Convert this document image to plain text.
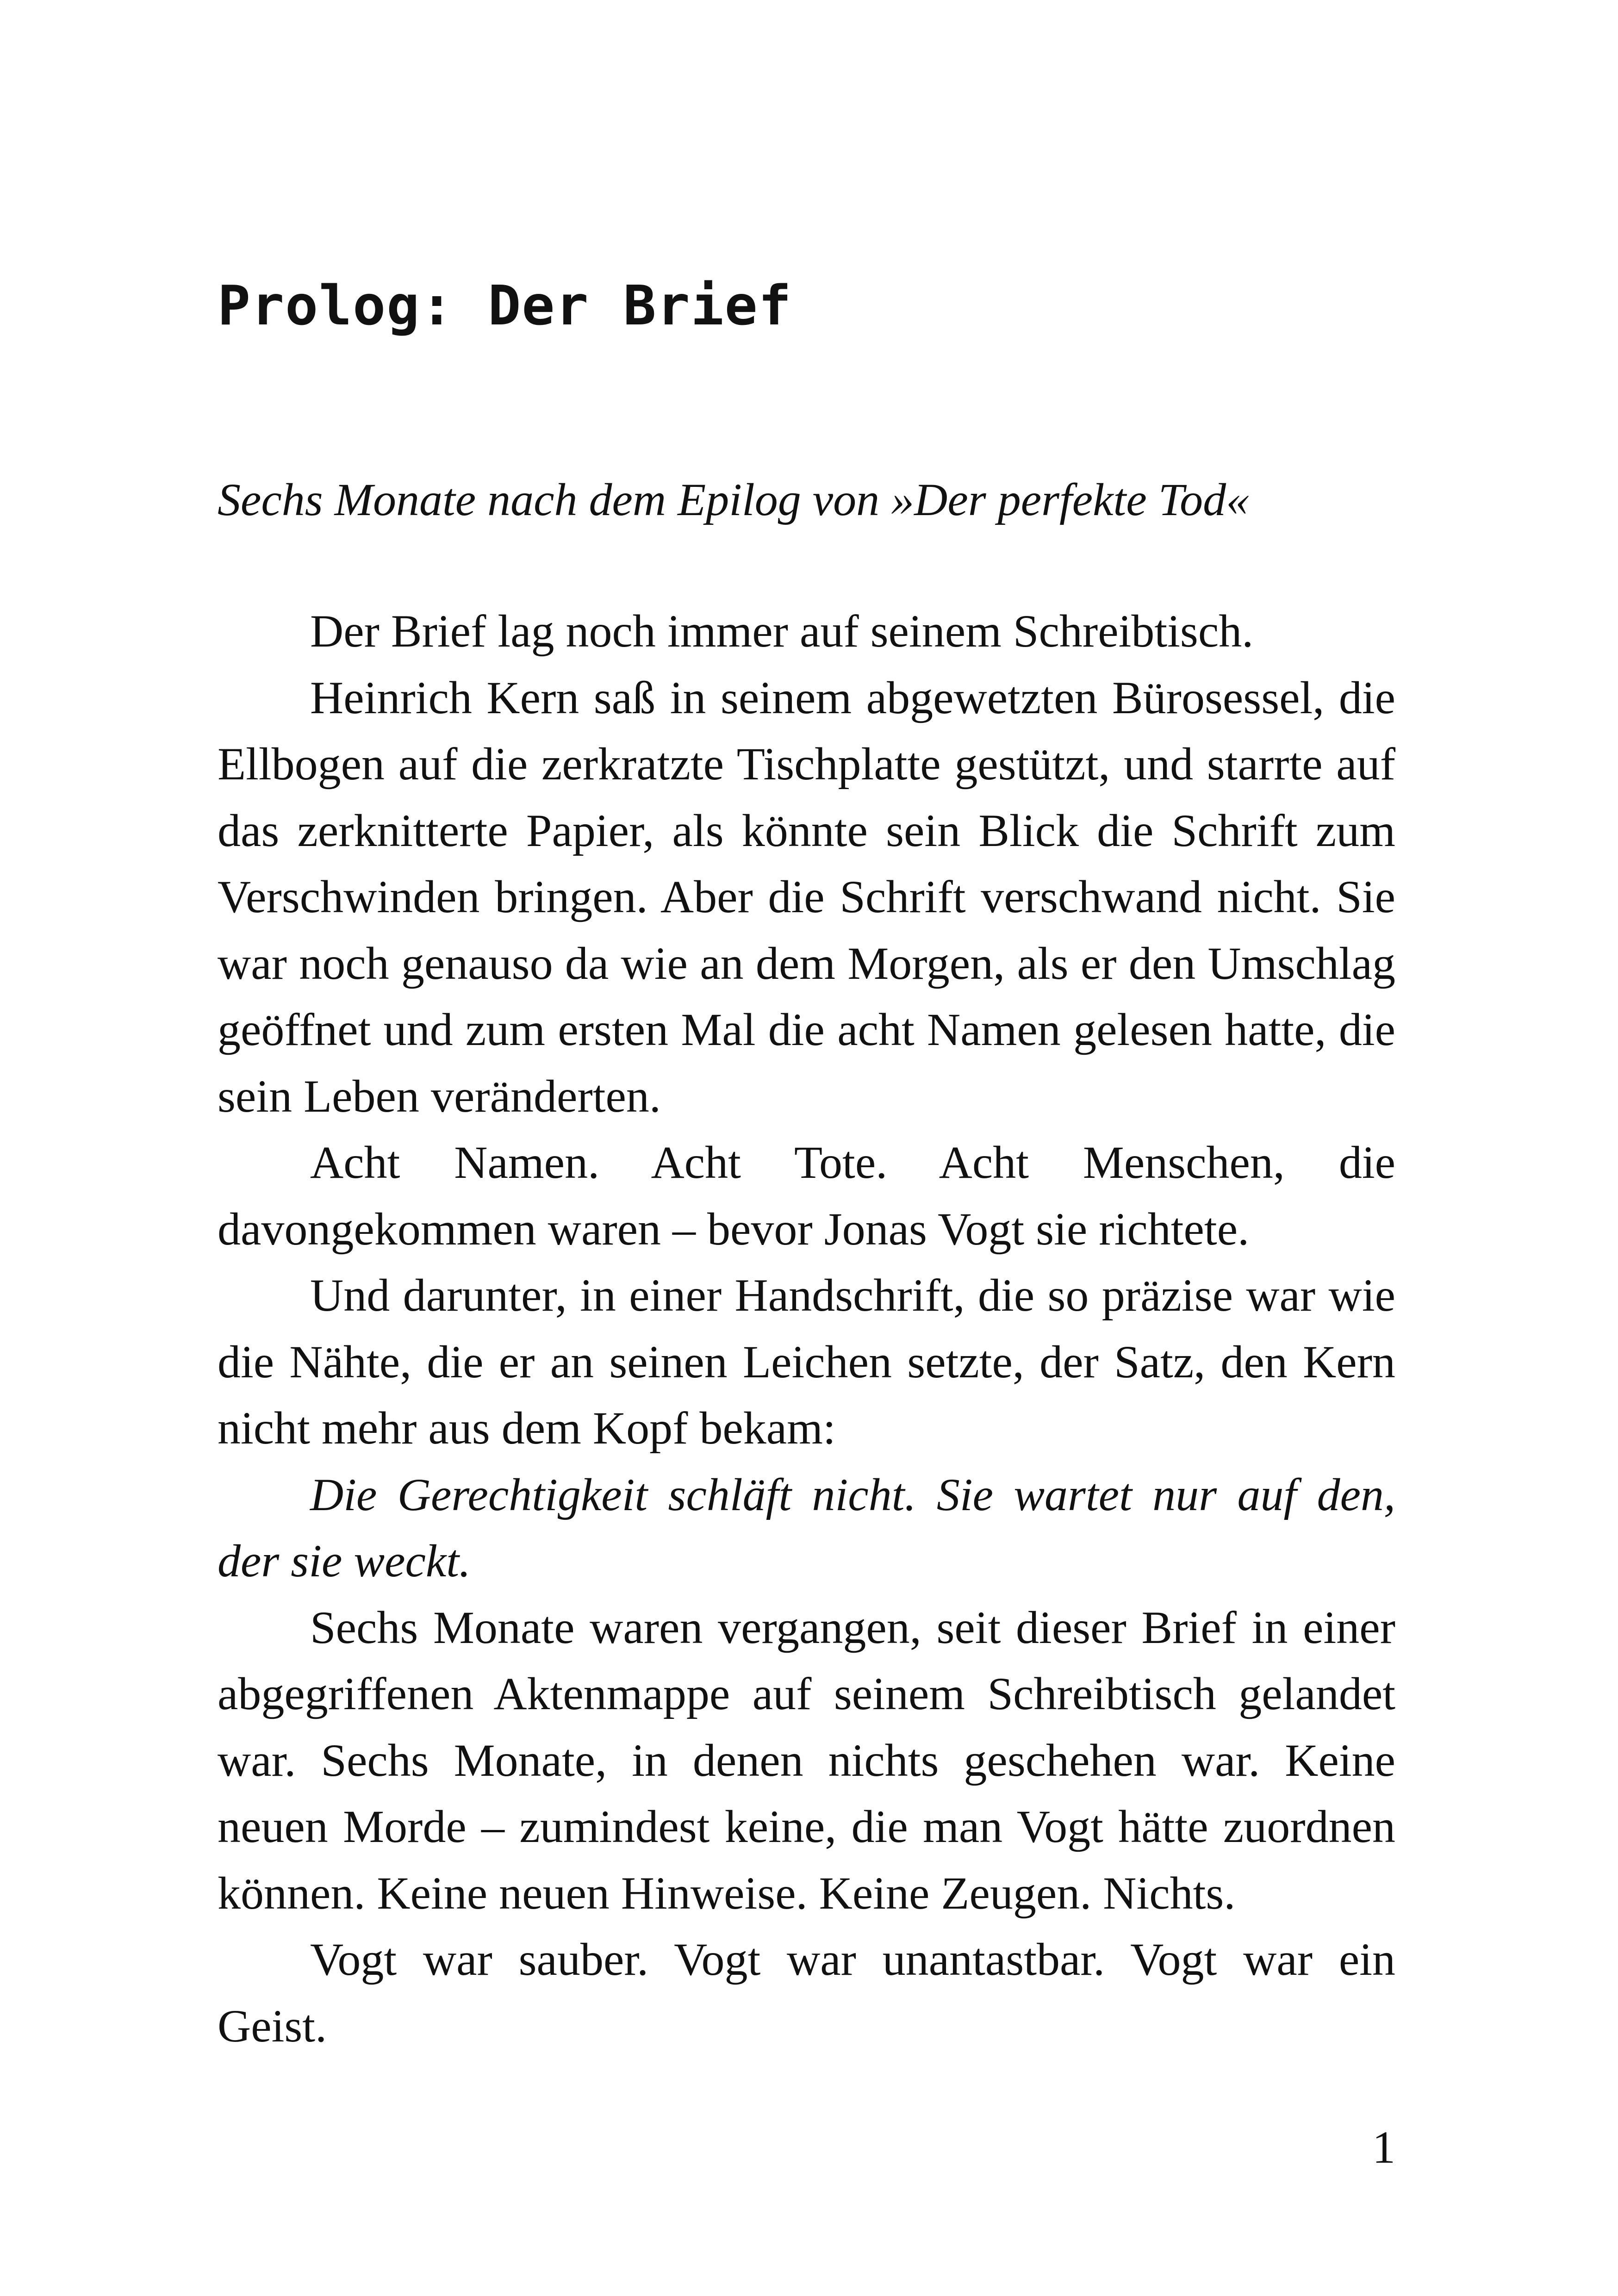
Prolog: Der Brief

Sechs Monate nach dem Epilog von »Der perfekte Tod«

Der Brief lag noch immer auf seinem Schreibtisch.

Heinrich Kern saß in seinem abgewetzten Bürosessel, die Ellbogen auf die zerkratzte Tischplatte gestützt, und starrte auf das zerknitterte Papier, als könnte sein Blick die Schrift zum Verschwinden bringen. Aber die Schrift verschwand nicht. Sie war noch genauso da wie an dem Morgen, als er den Umschlag geöffnet und zum ersten Mal die acht Namen gelesen hatte, die sein Leben veränderten.

Acht Namen. Acht Tote. Acht Menschen, die davongekommen waren – bevor Jonas Vogt sie richtete.

Und darunter, in einer Handschrift, die so präzise war wie die Nähte, die er an seinen Leichen setzte, der Satz, den Kern nicht mehr aus dem Kopf bekam:

Die Gerechtigkeit schläft nicht. Sie wartet nur auf den, der sie weckt.

Sechs Monate waren vergangen, seit dieser Brief in einer abgegriffenen Aktenmappe auf seinem Schreibtisch gelandet war. Sechs Monate, in denen nichts geschehen war. Keine neuen Morde – zumindest keine, die man Vogt hätte zuordnen können. Keine neuen Hinweise. Keine Zeugen. Nichts.

Vogt war sauber. Vogt war unantastbar. Vogt war ein Geist.

1
